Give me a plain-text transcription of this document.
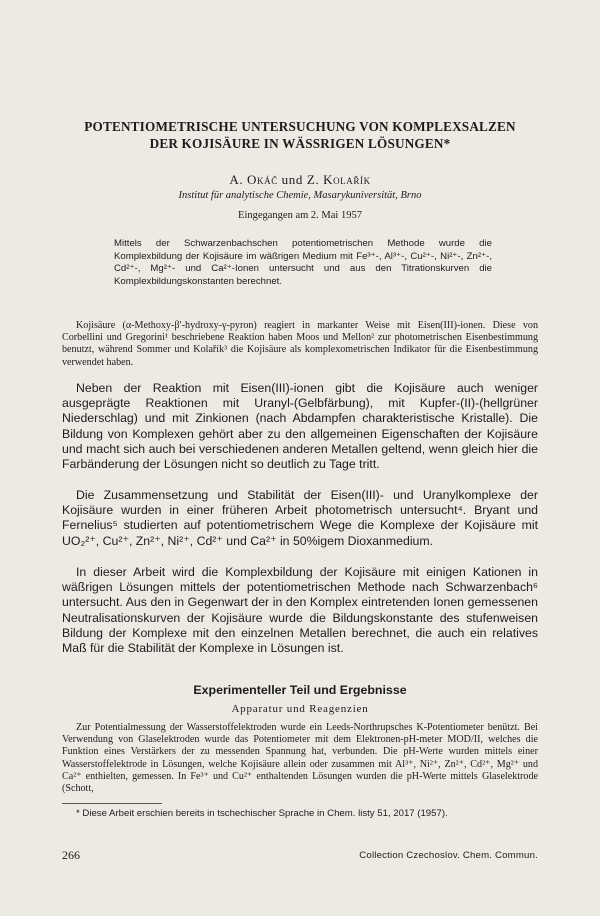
POTENTIOMETRISCHE UNTERSUCHUNG VON KOMPLEXSALZEN
DER KOJISÄURE IN WÄSSRIGEN LÖSUNGEN*
A. Okáč und Z. Kolařík
Institut für analytische Chemie, Masarykuniversität, Brno
Eingegangen am 2. Mai 1957
Mittels der Schwarzenbachschen potentiometrischen Methode wurde die Komplexbildung der Kojisäure im wäßrigen Medium mit Fe³⁺-, Al³⁺-, Cu²⁺-, Ni²⁺-, Zn²⁺-, Cd²⁺-, Mg²⁺- und Ca²⁺-Ionen untersucht und aus den Titrationskurven die Komplexbildungskonstanten berechnet.
Kojisäure (α-Methoxy-β′-hydroxy-γ-pyron) reagiert in markanter Weise mit Eisen(III)-ionen. Diese von Corbellini und Gregorini¹ beschriebene Reaktion haben Moos und Mellon² zur photometrischen Eisenbestimmung benutzt, während Sommer und Kolařík³ die Kojisäure als komplexometrischen Indikator für die Eisenbestimmung verwendet haben.

Neben der Reaktion mit Eisen(III)-ionen gibt die Kojisäure auch weniger ausgeprägte Reaktionen mit Uranyl-(Gelbfärbung), mit Kupfer-(II)-(hellgrüner Niederschlag) und mit Zinkionen (nach Abdampfen charakteristische Kristalle). Die Bildung von Komplexen gehört aber zu den allgemeinen Eigenschaften der Kojisäure und macht sich auch bei verschiedenen anderen Metallen geltend, wenn gleich hier die Farbänderung der Lösungen nicht so deutlich zu Tage tritt.

Die Zusammensetzung und Stabilität der Eisen(III)- und Uranylkomplexe der Kojisäure wurden in einer früheren Arbeit photometrisch untersucht⁴. Bryant und Fernelius⁵ studierten auf potentiometrischem Wege die Komplexe der Kojisäure mit UO₂²⁺, Cu²⁺, Zn²⁺, Ni²⁺, Cd²⁺ und Ca²⁺ in 50%igem Dioxanmedium.

In dieser Arbeit wird die Komplexbildung der Kojisäure mit einigen Kationen in wäßrigen Lösungen mittels der potentiometrischen Methode nach Schwarzenbach⁶ untersucht. Aus den in Gegenwart der in den Komplex eintretenden Ionen gemessenen Neutralisationskurven der Kojisäure wurde die Bildungskonstante des stufenweisen Bildung der Komplexe mit den einzelnen Metallen berechnet, die auch ein relatives Maß für die Stabilität der Komplexe in Lösungen ist.

Experimenteller Teil und Ergebnisse
Apparatur und Reagenzien
Zur Potentialmessung der Wasserstoffelektroden wurde ein Leeds-Northrupsches K-Potentiometer benützt. Bei Verwendung von Glaselektroden wurde das Potentiometer mit dem Elektronen-pH-meter MOD/II, welches die Funktion eines Verstärkers der zu messenden Spannung hat, verbunden. Die pH-Werte wurden mittels einer Wasserstoffelektrode in Lösungen, welche Kojisäure allein oder zusammen mit Al³⁺, Ni²⁺, Zn²⁺, Cd²⁺, Mg²⁺ und Ca²⁺ enthielten, gemessen. In Fe³⁺ und Cu²⁺ enthaltenden Lösungen wurden die pH-Werte mittels Glaselektrode (Schott,
* Diese Arbeit erschien bereits in tschechischer Sprache in Chem. listy 51, 2017 (1957).
266	Collection Czechoslov. Chem. Commun.
